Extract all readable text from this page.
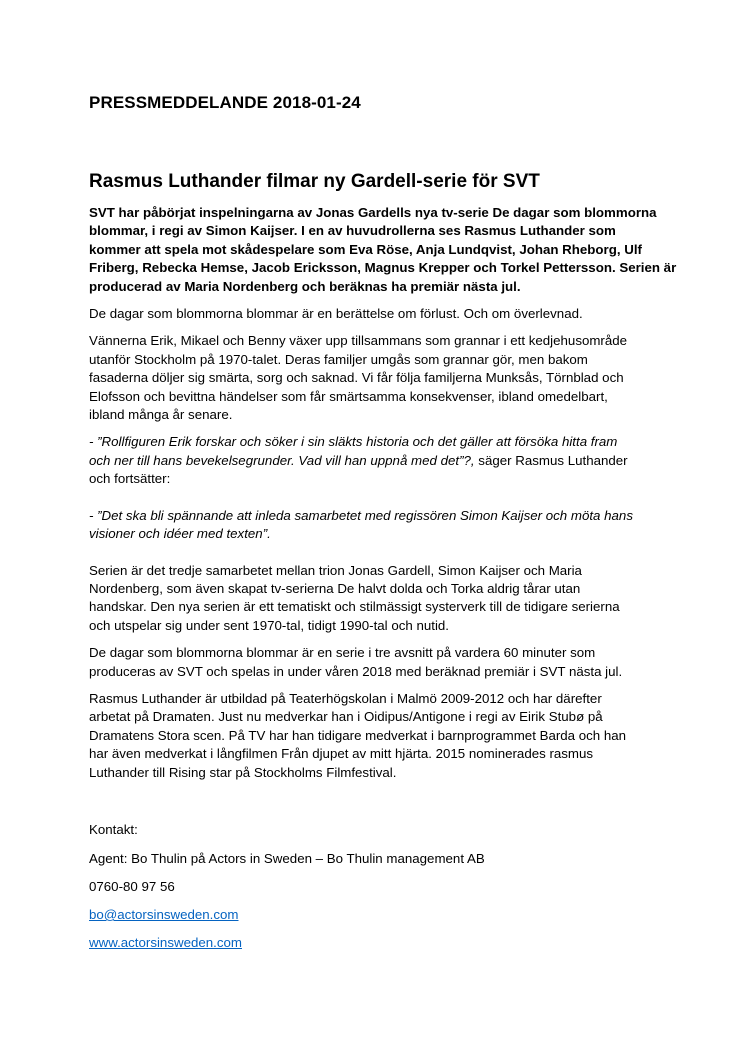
PRESSMEDDELANDE 2018-01-24
Rasmus Luthander filmar ny Gardell-serie för SVT

SVT har påbörjat inspelningarna av Jonas Gardells nya tv-serie De dagar som blommorna
blommar, i regi av Simon Kaijser. I en av huvudrollerna ses Rasmus Luthander som
kommer att spela mot skådespelare som Eva Röse, Anja Lundqvist, Johan Rheborg, Ulf
Friberg, Rebecka Hemse, Jacob Ericksson, Magnus Krepper och Torkel Pettersson. Serien är
producerad av Maria Nordenberg och beräknas ha premiär nästa jul.

De dagar som blommorna blommar är en berättelse om förlust. Och om överlevnad.

Vännerna Erik, Mikael och Benny växer upp tillsammans som grannar i ett kedjehusområde
utanför Stockholm på 1970-talet. Deras familjer umgås som grannar gör, men bakom
fasaderna döljer sig smärta, sorg och saknad. Vi får följa familjerna Munksås, Törnblad och
Elofsson och bevittna händelser som får smärtsamma konsekvenser, ibland omedelbart,
ibland många år senare.

- ”Rollfiguren Erik forskar och söker i sin släkts historia och det gäller att försöka hitta fram
och ner till hans bevekelsegrunder. Vad vill han uppnå med det”?, säger Rasmus Luthander
och fortsätter:

- ”Det ska bli spännande att inleda samarbetet med regissören Simon Kaijser och möta hans
visioner och idéer med texten”.

Serien är det tredje samarbetet mellan trion Jonas Gardell, Simon Kaijser och Maria
Nordenberg, som även skapat tv-serierna De halvt dolda och Torka aldrig tårar utan
handskar. Den nya serien är ett tematiskt och stilmässigt systerverk till de tidigare serierna
och utspelar sig under sent 1970-tal, tidigt 1990-tal och nutid.

De dagar som blommorna blommar är en serie i tre avsnitt på vardera 60 minuter som
produceras av SVT och spelas in under våren 2018 med beräknad premiär i SVT nästa jul.

Rasmus Luthander är utbildad på Teaterhögskolan i Malmö 2009-2012 och har därefter
arbetat på Dramaten. Just nu medverkar han i Oidipus/Antigone i regi av Eirik Stubø på
Dramatens Stora scen. På TV har han tidigare medverkat i barnprogrammet Barda och han
har även medverkat i långfilmen Från djupet av mitt hjärta. 2015 nominerades rasmus
Luthander till Rising star på Stockholms Filmfestival.

Kontakt:
Agent: Bo Thulin på Actors in Sweden – Bo Thulin management AB
0760-80 97 56
bo@actorsinsweden.com
www.actorsinsweden.com
